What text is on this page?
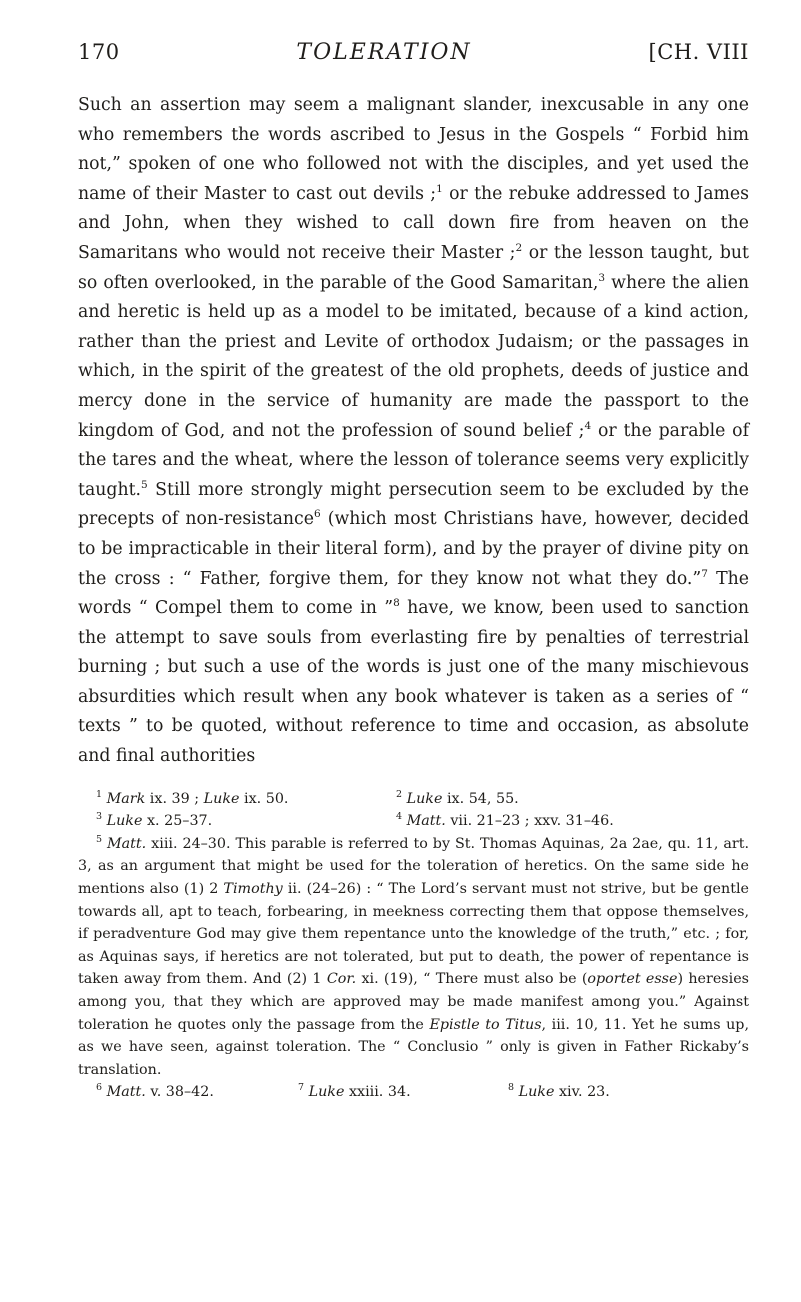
170	TOLERATION	[CH. VIII

Such an assertion may seem a malignant slander, inexcusable in any one who remembers the words ascribed to Jesus in the Gospels “ Forbid him not,” spoken of one who followed not with the disciples, and yet used the name of their Master to cast out devils ;$^1$ or the rebuke addressed to James and John, when they wished to call down fire from heaven on the Samaritans who would not receive their Master ;$^2$ or the lesson taught, but so often overlooked, in the parable of the Good Samaritan,$^3$ where the alien and heretic is held up as a model to be imitated, because of a kind action, rather than the priest and Levite of orthodox Judaism; or the passages in which, in the spirit of the greatest of the old prophets, deeds of justice and mercy done in the service of humanity are made the passport to the kingdom of God, and not the profession of sound belief ;$^4$ or the parable of the tares and the wheat, where the lesson of tolerance seems very explicitly taught.$^5$ Still more strongly might persecution seem to be excluded by the precepts of non-resistance$^6$ (which most Christians have, however, decided to be impracticable in their literal form), and by the prayer of divine pity on the cross : “ Father, forgive them, for they know not what they do.”$^7$ The words “ Compel them to come in ”$^8$ have, we know, been used to sanction the attempt to save souls from everlasting fire by penalties of terrestrial burning ; but such a use of the words is just one of the many mischievous absurdities which result when any book whatever is taken as a series of “ texts ” to be quoted, without reference to time and occasion, as absolute and final authorities

$^1$ Mark ix. 39 ; Luke ix. 50.	$^2$ Luke ix. 54, 55.
$^3$ Luke x. 25–37.	$^4$ Matt. vii. 21–23 ; xxv. 31–46.

$^5$ Matt. xiii. 24–30. This parable is referred to by St. Thomas Aquinas, 2a 2ae, qu. 11, art. 3, as an argument that might be used for the toleration of heretics. On the same side he mentions also (1) 2 Timothy ii. (24–26) : “ The Lord’s servant must not strive, but be gentle towards all, apt to teach, forbearing, in meekness correcting them that oppose themselves, if peradventure God may give them repentance unto the knowledge of the truth,” etc. ; for, as Aquinas says, if heretics are not tolerated, but put to death, the power of repentance is taken away from them. And (2) 1 Cor. xi. (19), “ There must also be (oportet esse) heresies among you, that they which are approved may be made manifest among you.” Against toleration he quotes only the passage from the Epistle to Titus, iii. 10, 11. Yet he sums up, as we have seen, against toleration. The “ Conclusio ” only is given in Father Rickaby’s translation.

$^6$ Matt. v. 38–42.	$^7$ Luke xxiii. 34.	$^8$ Luke xiv. 23.
